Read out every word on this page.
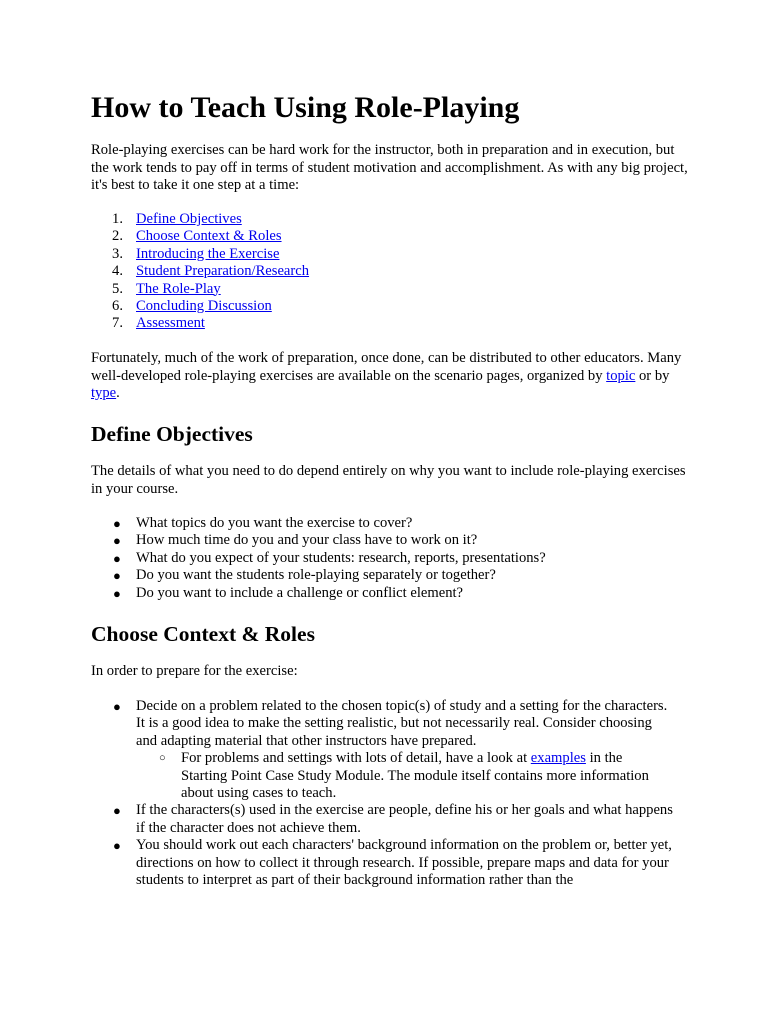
How to Teach Using Role-Playing

Role-playing exercises can be hard work for the instructor, both in preparation and in execution, but the work tends to pay off in terms of student motivation and accomplishment. As with any big project, it's best to take it one step at a time:

1. Define Objectives
2. Choose Context & Roles
3. Introducing the Exercise
4. Student Preparation/Research
5. The Role-Play
6. Concluding Discussion
7. Assessment

Fortunately, much of the work of preparation, once done, can be distributed to other educators. Many well-developed role-playing exercises are available on the scenario pages, organized by topic or by type.

Define Objectives

The details of what you need to do depend entirely on why you want to include role-playing exercises in your course.

● What topics do you want the exercise to cover?
● How much time do you and your class have to work on it?
● What do you expect of your students: research, reports, presentations?
● Do you want the students role-playing separately or together?
● Do you want to include a challenge or conflict element?
Choose Context & Roles

In order to prepare for the exercise:

● Decide on a problem related to the chosen topic(s) of study and a setting for the characters. It is a good idea to make the setting realistic, but not necessarily real. Consider choosing and adapting material that other instructors have prepared.

○ For problems and settings with lots of detail, have a look at examples in the Starting Point Case Study Module. The module itself contains more information about using cases to teach.

● If the characters(s) used in the exercise are people, define his or her goals and what happens if the character does not achieve them.

● You should work out each characters' background information on the problem or, better yet, directions on how to collect it through research. If possible, prepare maps and data for your students to interpret as part of their background information rather than the
